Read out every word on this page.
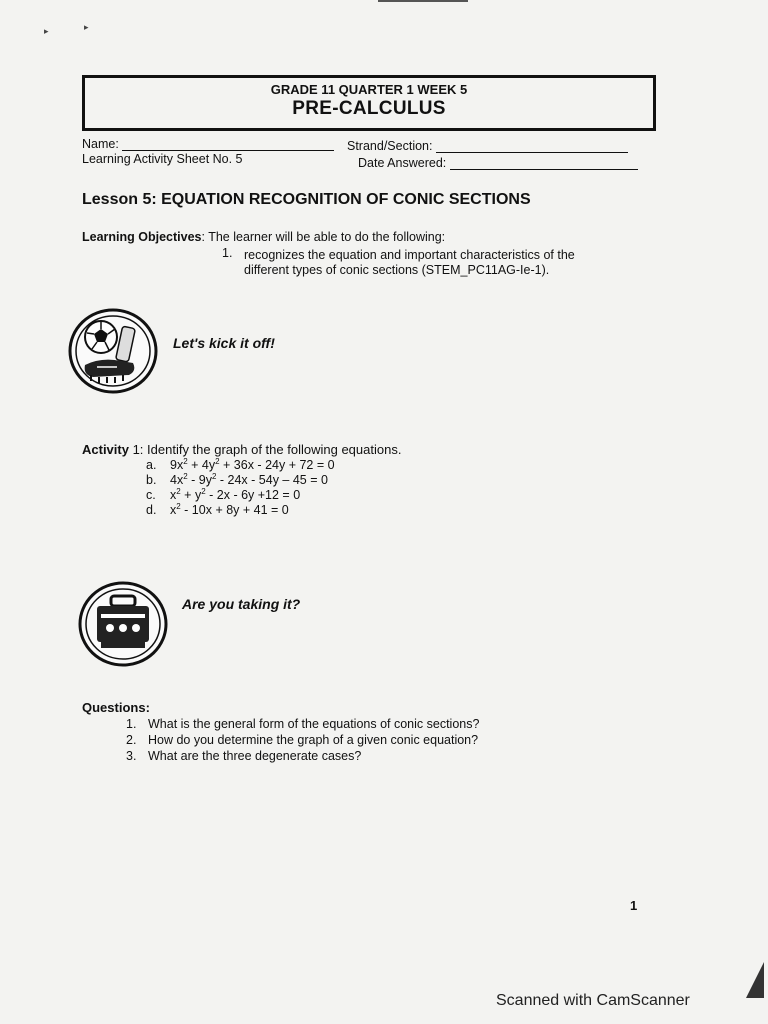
▸	▸
GRADE 11 QUARTER 1 WEEK 5
PRE-CALCULUS
Name:	Strand/Section:
Learning Activity Sheet No. 5	Date Answered:
Lesson 5: EQUATION RECOGNITION OF CONIC SECTIONS
Learning Objectives: The learner will be able to do the following:
1. recognizes the equation and important characteristics of the
different types of conic sections (STEM_PC11AG-Ie-1).
Let's kick it off!
Activity 1: Identify the graph of the following equations.
a.	$9x^2 + 4y^2 + 36x - 24y + 72 = 0$
b.	$4x^2 - 9y^2 - 24x - 54y - 45 = 0$
c.	$x^2 + y^2 - 2x - 6y +12 = 0$
d.	$x^2 - 10x + 8y + 41 = 0$
Are you taking it?
Questions:
1. What is the general form of the equations of conic sections?
2. How do you determine the graph of a given conic equation?
3. What are the three degenerate cases?
1
Scanned with CamScanner
